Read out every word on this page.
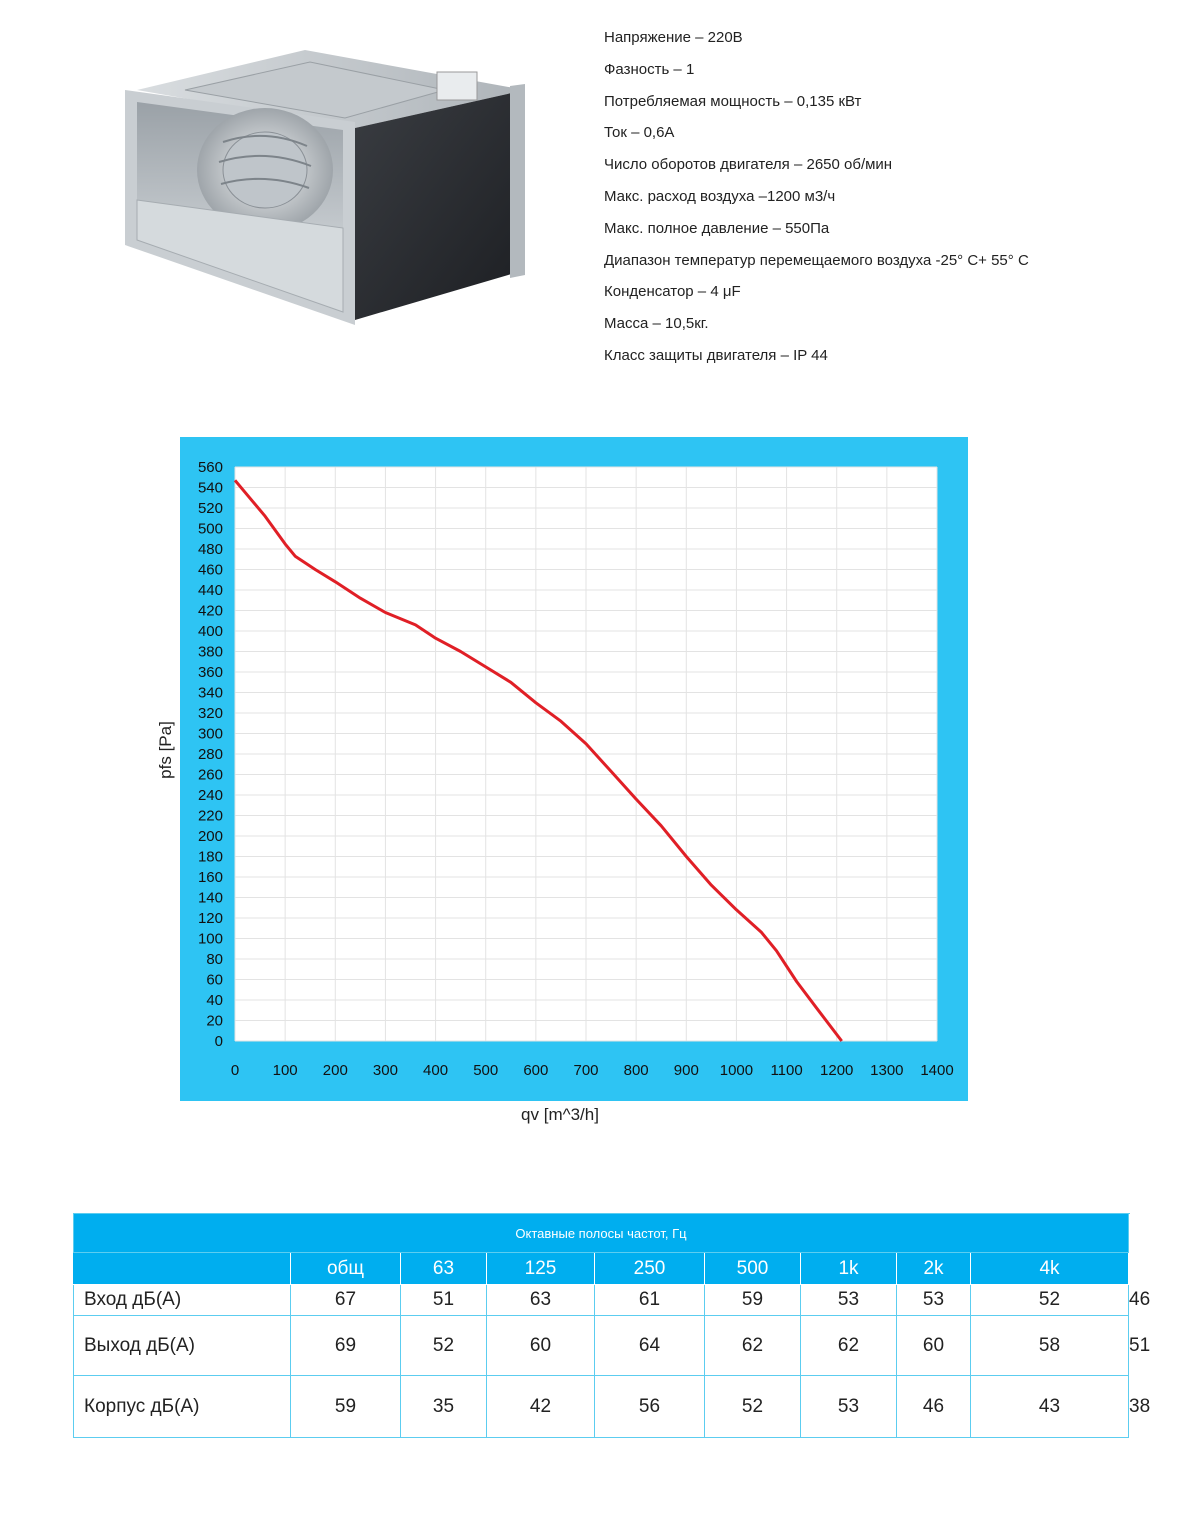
Напряжение – 220В
Фазность – 1
Потребляемая мощность – 0,135 кВт
Ток – 0,6А
Число оборотов двигателя – 2650 об/мин
Макс. расход воздуха –1200 м3/ч
Макс. полное давление – 550Па
Диапазон температур перемещаемого воздуха -25° С+ 55° С
Конденсатор – 4 μF
Масса – 10,5кг.
Класс защиты двигателя – IP 44
0
20
40
60
80
100
120
140
160
180
200
220
240
260
280
300
320
340
360
380
400
420
440
460
480
500
520
540
560
0 100 200 300 400 500 600 700 800 900 1000 1100 1200 1300 1400
pfs [Pa]
qv [m^3/h]
Октавные полосы частот, Гц									
	общ	63	125	250	500	1k	2k	4k	8k
Вход дБ(А)	67	51	63	61	59	53	53	52	46
Выход дБ(А)	69	52	60	64	62	62	60	58	51
Корпус дБ(А)	59	35	42	56	52	53	46	43	38
